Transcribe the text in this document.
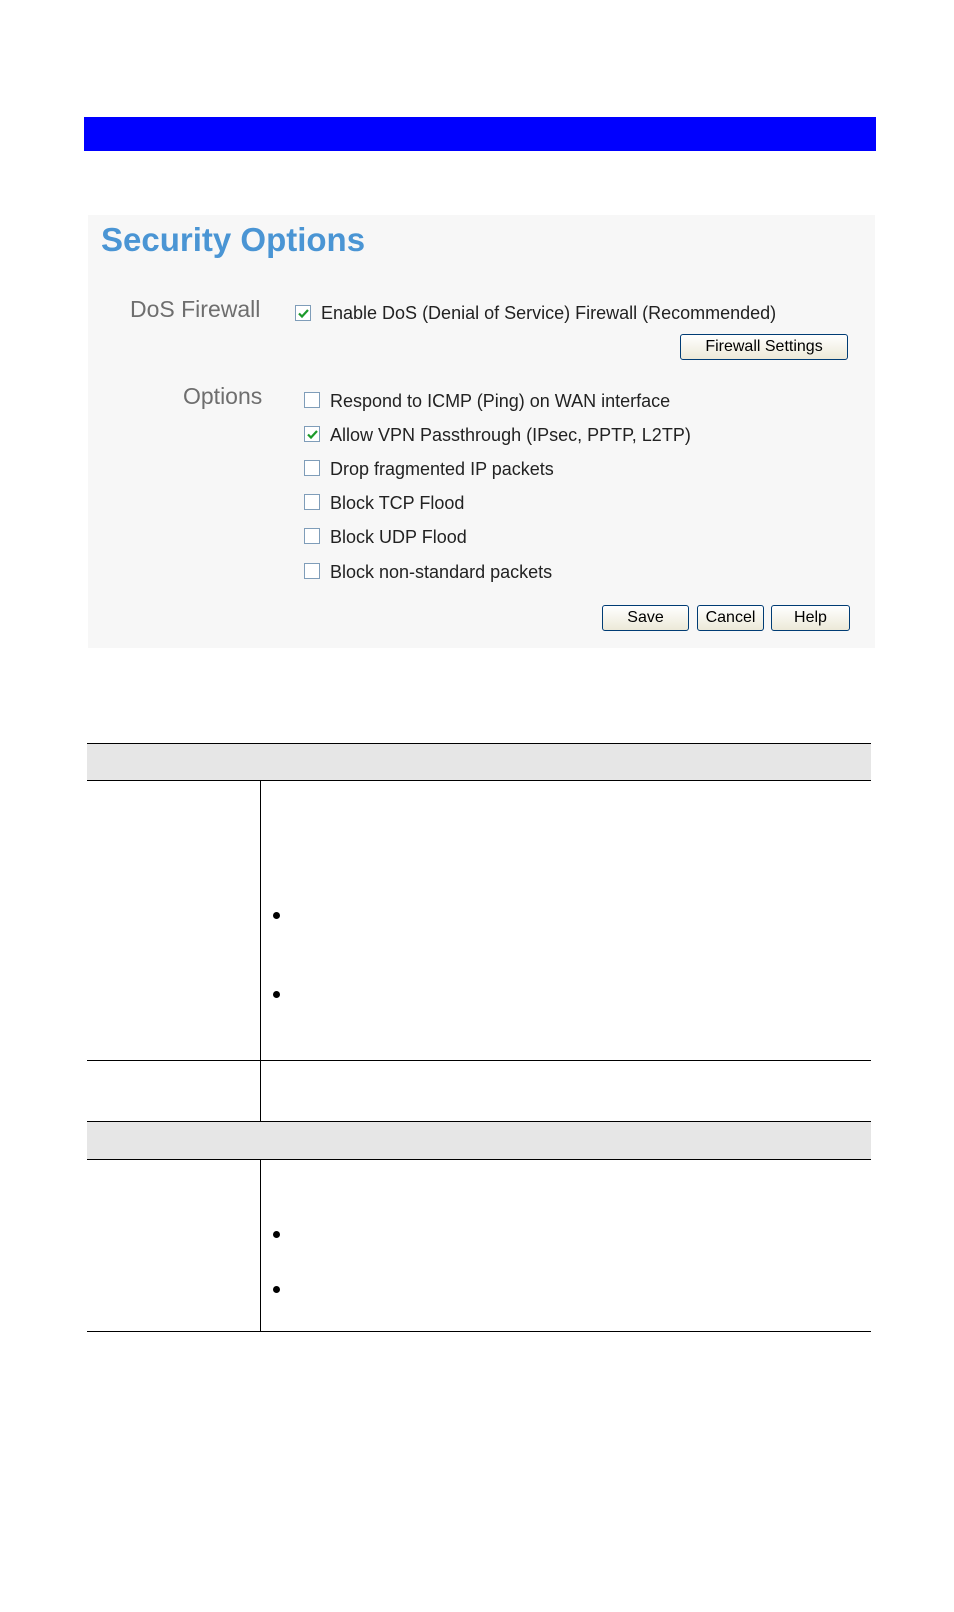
Security Options
DoS Firewall	Enable DoS (Denial of Service) Firewall (Recommended)
Firewall Settings
Options	Respond to ICMP (Ping) on WAN interface
Allow VPN Passthrough (IPsec, PPTP, L2TP)
Drop fragmented IP packets
Block TCP Flood
Block UDP Flood
Block non-standard packets
Save	Cancel	Help
